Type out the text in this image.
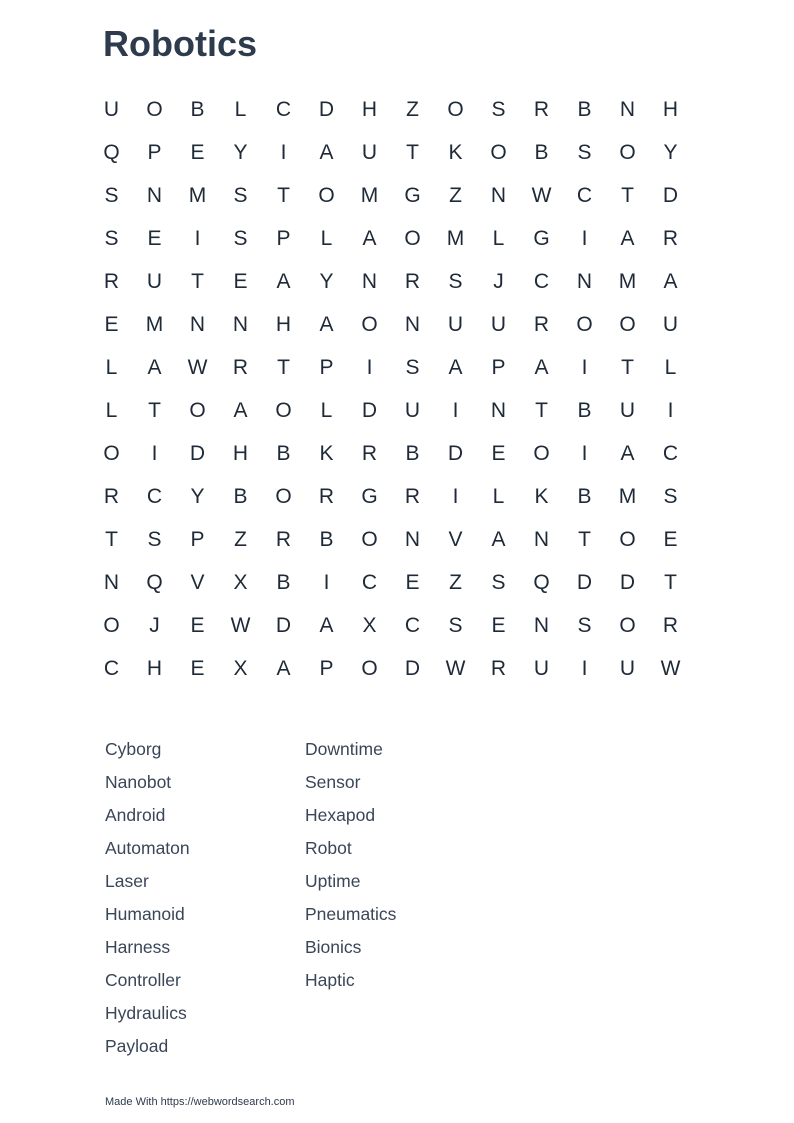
Robotics
U	O	B	L	C	D	H	Z	O	S	R	B	N	H
Q	P	E	Y	I	A	U	T	K	O	B	S	O	Y
S	N	M	S	T	O	M	G	Z	N	W	C	T	D
S	E	I	S	P	L	A	O	M	L	G	I	A	R
R	U	T	E	A	Y	N	R	S	J	C	N	M	A
E	M	N	N	H	A	O	N	U	U	R	O	O	U
L	A	W	R	T	P	I	S	A	P	A	I	T	L
L	T	O	A	O	L	D	U	I	N	T	B	U	I
O	I	D	H	B	K	R	B	D	E	O	I	A	C
R	C	Y	B	O	R	G	R	I	L	K	B	M	S
T	S	P	Z	R	B	O	N	V	A	N	T	O	E
N	Q	V	X	B	I	C	E	Z	S	Q	D	D	T
O	J	E	W	D	A	X	C	S	E	N	S	O	R
C	H	E	X	A	P	O	D	W	R	U	I	U	W
Cyborg
Nanobot
Android
Automaton
Laser
Humanoid
Harness
Controller
Hydraulics
Payload
Downtime
Sensor
Hexapod
Robot
Uptime
Pneumatics
Bionics
Haptic
Made With https://webwordsearch.com
